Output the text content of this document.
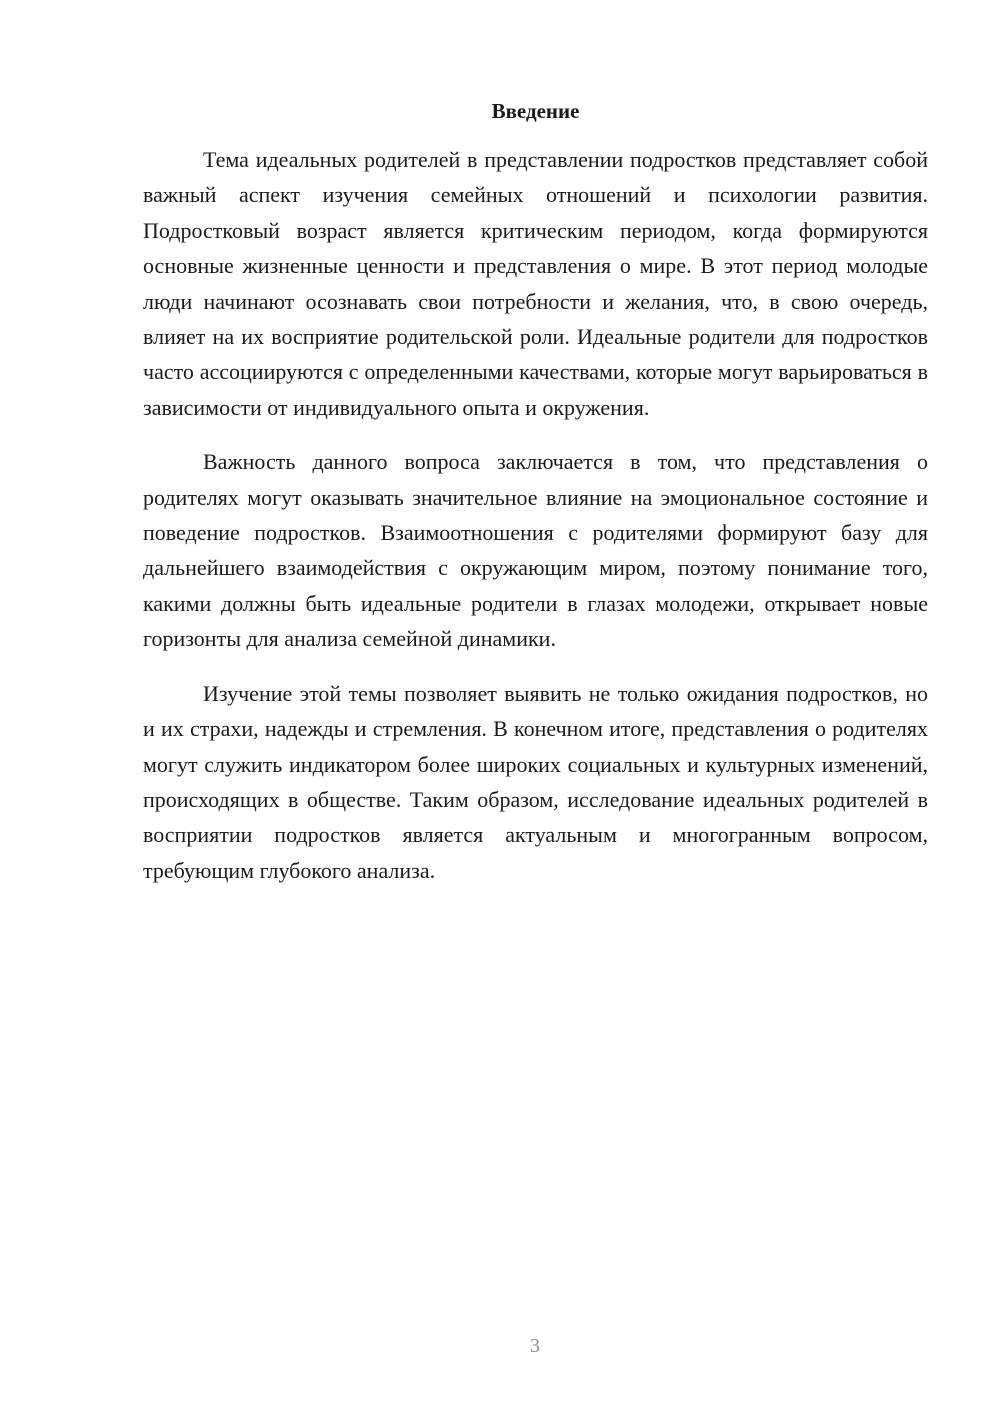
Введение

Тема идеальных родителей в представлении подростков представляет собой важный аспект изучения семейных отношений и психологии развития. Подростковый возраст является критическим периодом, когда формируются основные жизненные ценности и представления о мире. В этот период молодые люди начинают осознавать свои потребности и желания, что, в свою очередь, влияет на их восприятие родительской роли. Идеальные родители для подростков часто ассоциируются с определенными качествами, которые могут варьироваться в зависимости от индивидуального опыта и окружения.

Важность данного вопроса заключается в том, что представления о родителях могут оказывать значительное влияние на эмоциональное состояние и поведение подростков. Взаимоотношения с родителями формируют базу для дальнейшего взаимодействия с окружающим миром, поэтому понимание того, какими должны быть идеальные родители в глазах молодежи, открывает новые горизонты для анализа семейной динамики.

Изучение этой темы позволяет выявить не только ожидания подростков, но и их страхи, надежды и стремления. В конечном итоге, представления о родителях могут служить индикатором более широких социальных и культурных изменений, происходящих в обществе. Таким образом, исследование идеальных родителей в восприятии подростков является актуальным и многогранным вопросом, требующим глубокого анализа.

3
